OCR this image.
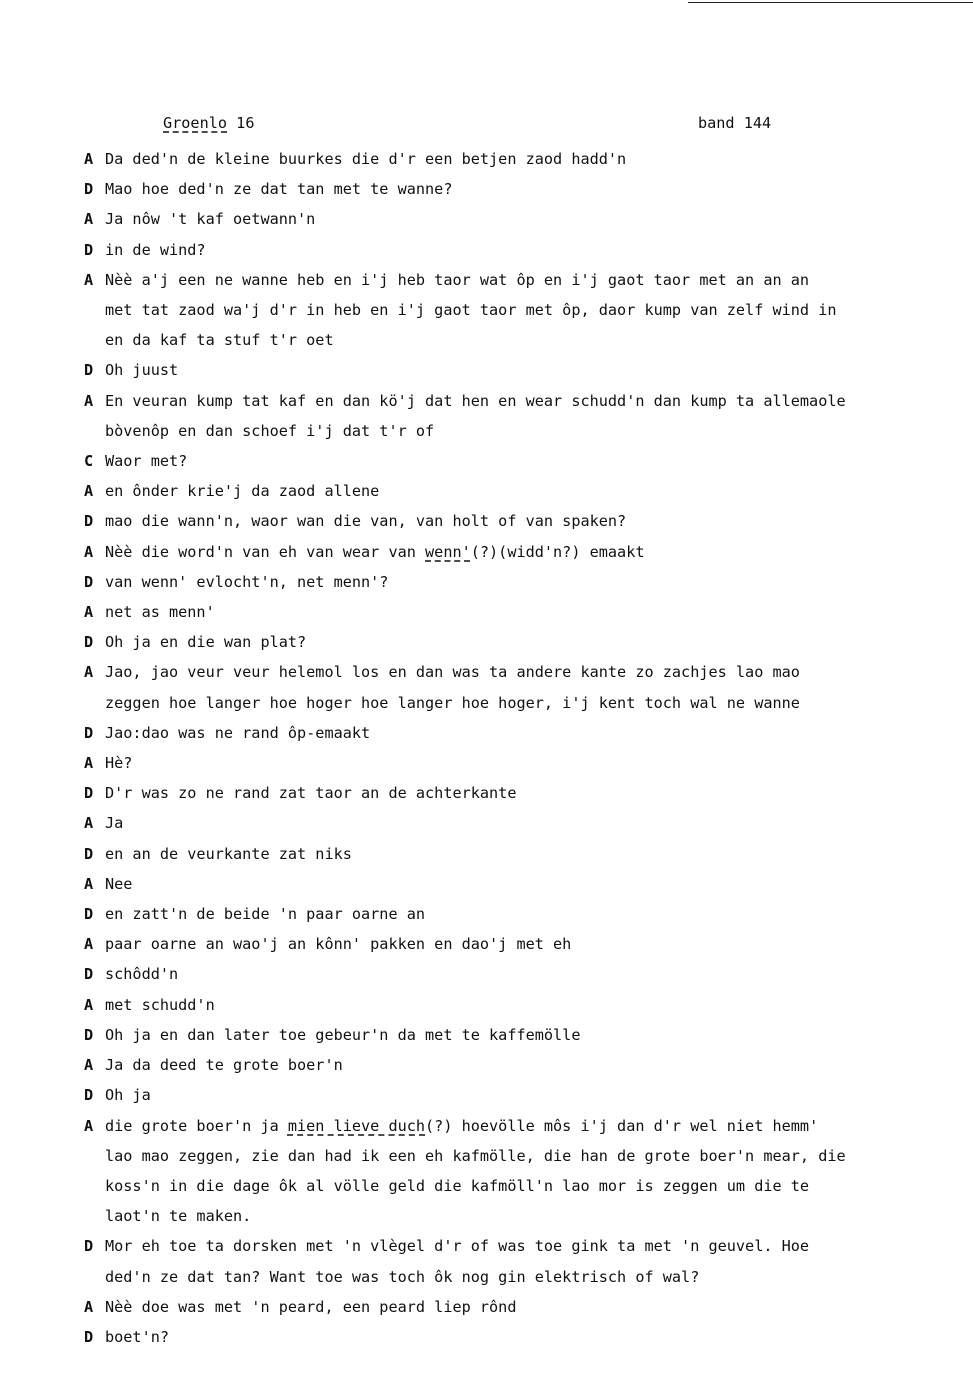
Groenlo 16	band 144
A Da ded'n de kleine buurkes die d'r een betjen zaod hadd'n
D Mao hoe ded'n ze dat tan met te wanne?
A Ja nôw 't kaf oetwann'n
D in de wind?
A Nèè a'j een ne wanne heb en i'j heb taor wat ôp en i'j gaot taor met an an an
met tat zaod wa'j d'r in heb en i'j gaot taor met ôp, daor kump van zelf wind in
en da kaf ta stuf t'r oet
D Oh juust
A En veuran kump tat kaf en dan kö'j dat hen en wear schudd'n dan kump ta allemaole
bòvenôp en dan schoef i'j dat t'r of
C Waor met?
A en ônder krie'j da zaod allene
D mao die wann'n, waor wan die van, van holt of van spaken?
A Nèè die word'n van eh van wear van wenn'(?)(widd'n?) emaakt
D van wenn' evlocht'n, net menn'?
A net as menn'
D Oh ja en die wan plat?
A Jao, jao veur veur helemol los en dan was ta andere kante zo zachjes lao mao
zeggen hoe langer hoe hoger hoe langer hoe hoger, i'j kent toch wal ne wanne
D Jao:dao was ne rand ôp-emaakt
A Hè?
D D'r was zo ne rand zat taor an de achterkante
A Ja
D en an de veurkante zat niks
A Nee
D en zatt'n de beide 'n paar oarne an
A paar oarne an wao'j an kônn' pakken en dao'j met eh
D schôdd'n
A met schudd'n
D Oh ja en dan later toe gebeur'n da met te kaffemölle
A Ja da deed te grote boer'n
D Oh ja
A die grote boer'n ja mien lieve duch(?) hoevölle môs i'j dan d'r wel niet hemm'
lao mao zeggen, zie dan had ik een eh kafmölle, die han de grote boer'n mear, die
koss'n in die dage ôk al völle geld die kafmöll'n lao mor is zeggen um die te
laot'n te maken.
D Mor eh toe ta dorsken met 'n vlègel d'r of was toe gink ta met 'n geuvel. Hoe
ded'n ze dat tan? Want toe was toch ôk nog gin elektrisch of wal?
A Nèè doe was met 'n peard, een peard liep rônd
D boet'n?
